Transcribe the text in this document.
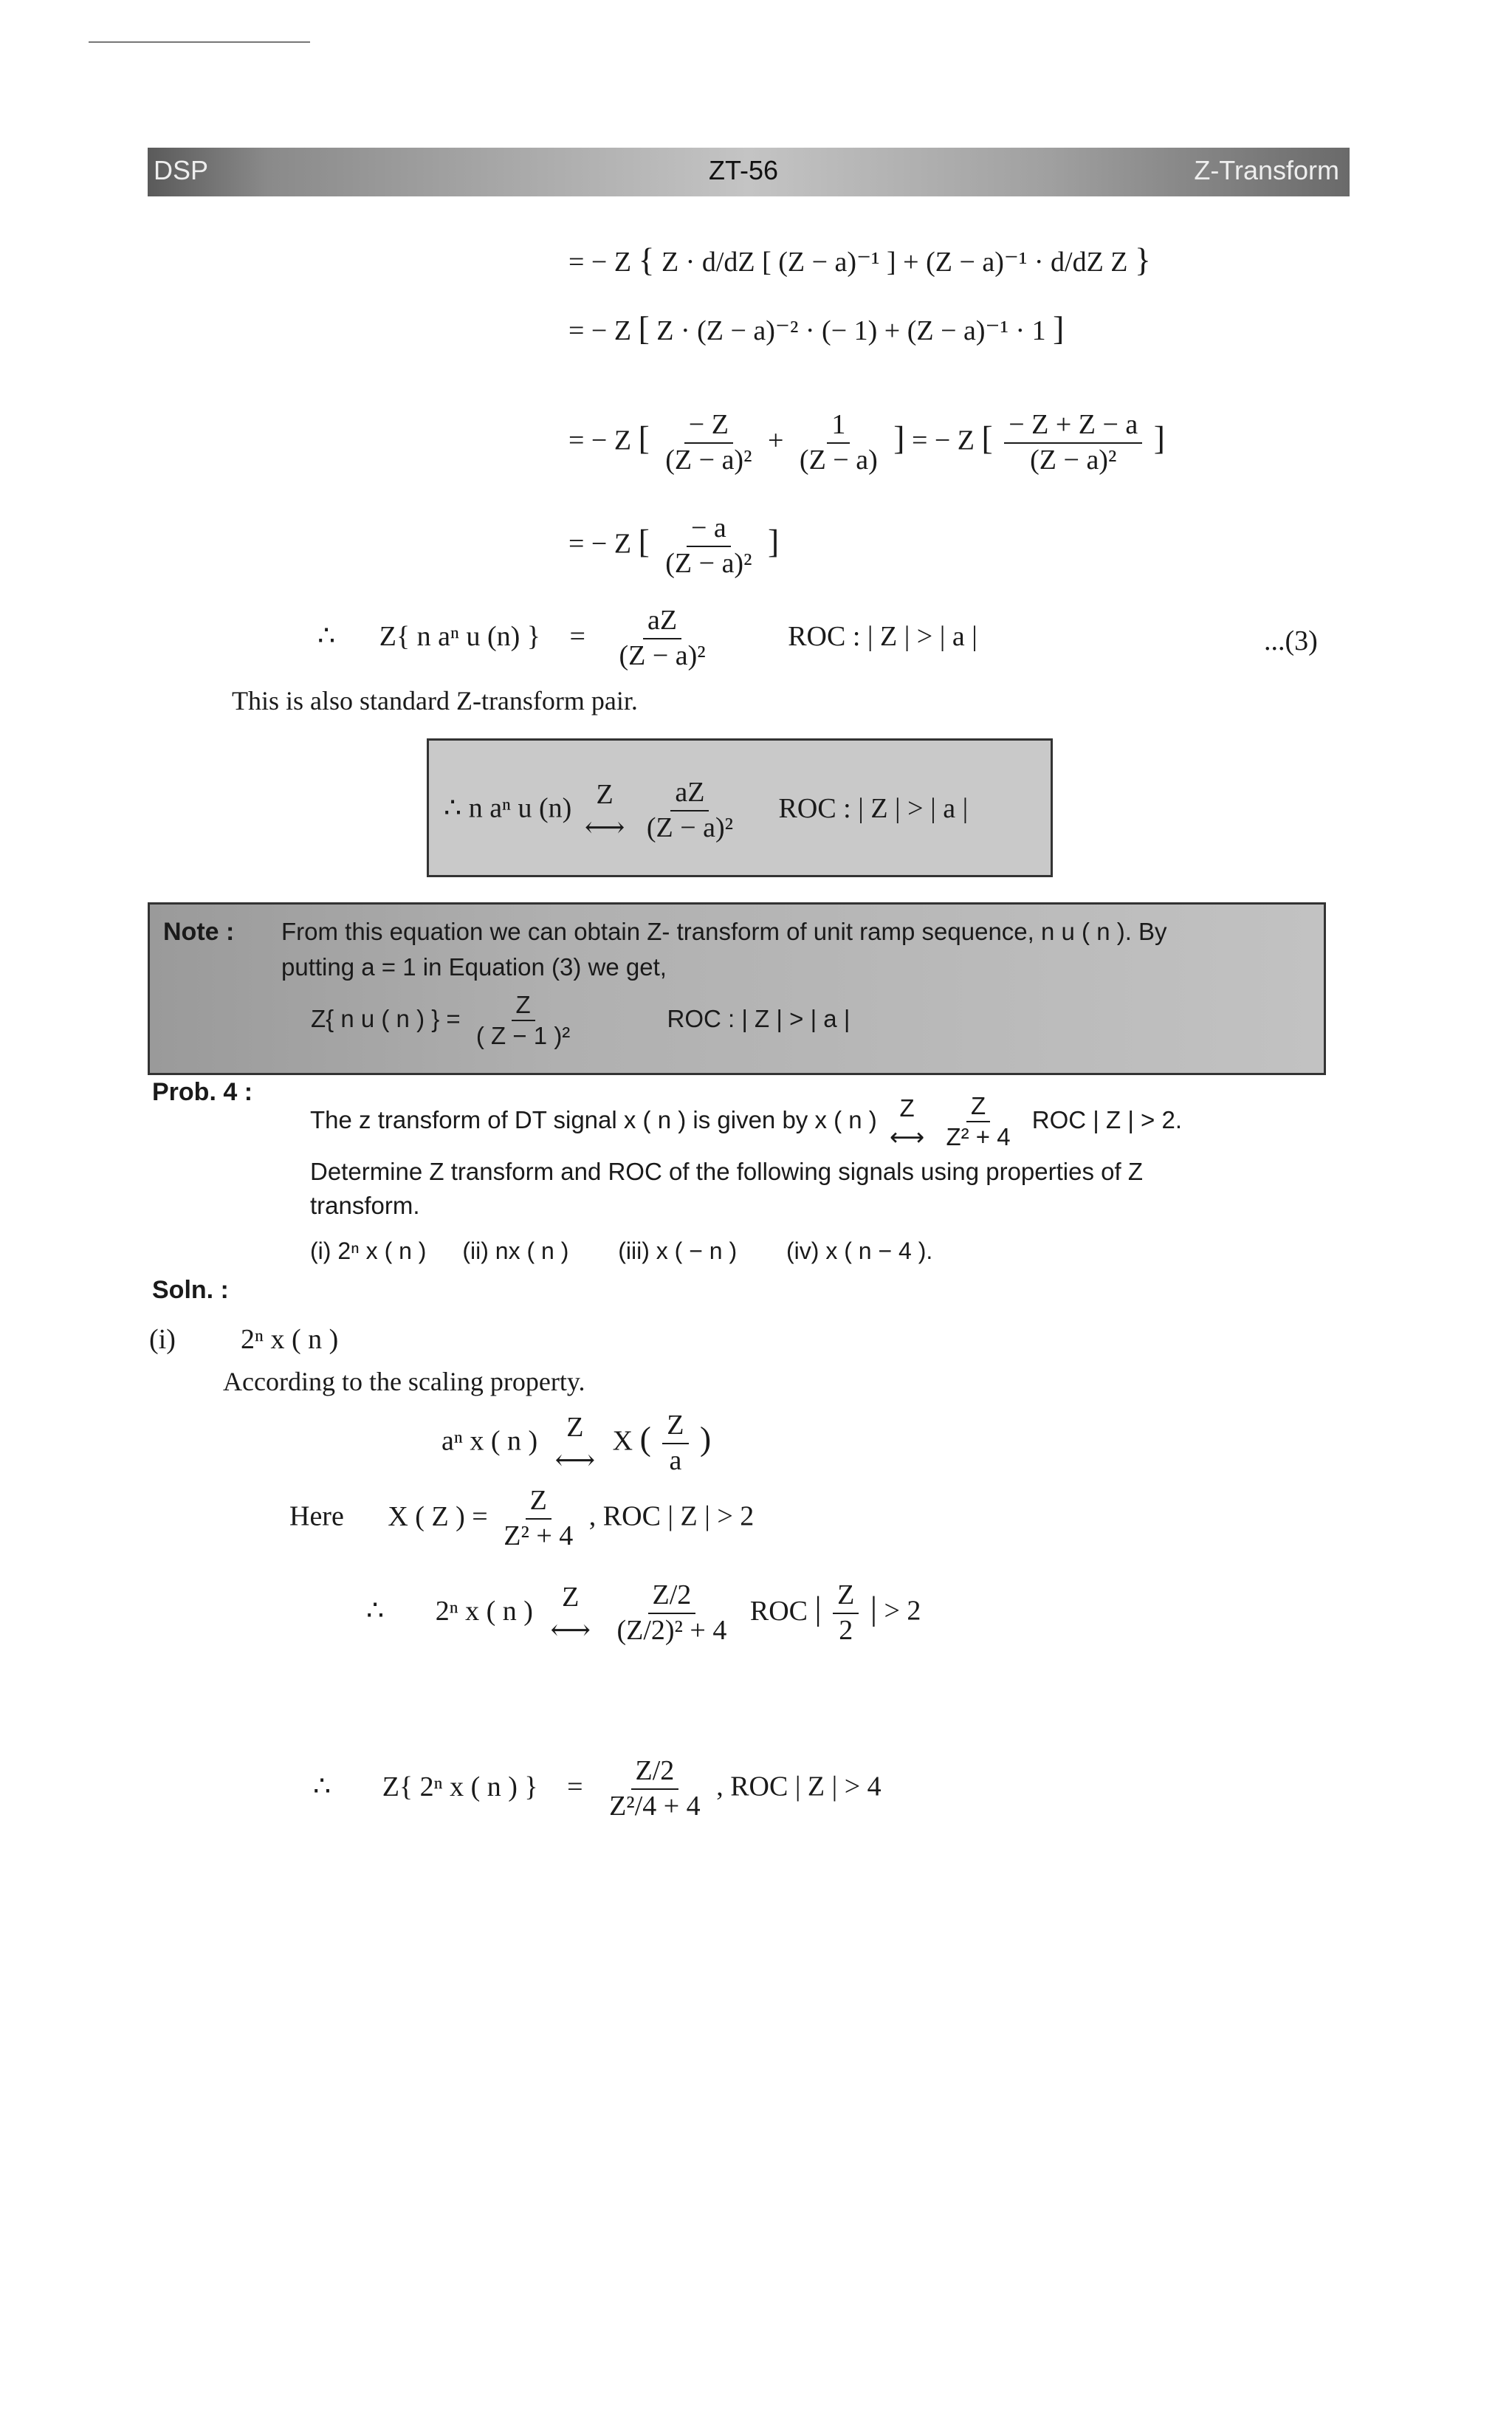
DSP	ZT-56	Z-Transform
= − Z { Z · d/dZ [ (Z − a)⁻¹ ] + (Z − a)⁻¹ · d/dZ Z }
= − Z [ Z · (Z − a)⁻² · (− 1) + (Z − a)⁻¹ · 1 ]
= − Z [ $\frac{- Z}{\text{(Z − a)²}} + \frac{1}{(Z - a)}$ ] = − Z [ $\frac{- Z + Z - a}{\text{(Z − a)²}}$ ]
= − Z [ $\frac{- a}{\text{(Z − a)²}}$ ]
∴ Z{ n aⁿ u (n) } = $\frac{aZ}{\text{(Z − a)²}}$	ROC : | Z | > | a |	...(3)
This is also standard Z-transform pair.
∴ n aⁿ u (n) Z
⟷
$\frac{aZ}{\text{(Z − a)²}}$ ROC : | Z | > | a |
Note : From this equation we can obtain Z- transform of unit ramp sequence, n u ( n ). By
putting a = 1 in Equation (3) we get,
Z{ n u ( n ) } = $\frac{Z}{\text{( Z − 1 )²}}$	ROC : | Z | > | a |
Prob. 4 :
The z transform of DT signal x ( n ) is given by x ( n ) Z
⟷
$\frac{Z}{\text{Z² + 4}}$ ROC | Z | > 2.
Determine Z transform and ROC of the following signals using properties of Z
transform.
(i) 2ⁿ x ( n ) (ii) nx ( n ) (iii) x ( − n ) (iv) x ( n − 4 ).
Soln. :
(i) 2ⁿ x ( n )
According to the scaling property.
aⁿ x ( n ) Z
⟷
X ( $\frac{Z}{a}$ )
Here X ( Z ) = $\frac{Z}{\text{Z² + 4}}$ , ROC | Z | > 2
∴ 2ⁿ x ( n ) Z
⟷
$\frac{Z/2}{\text{(Z/2)² + 4}}$ ROC | $\frac{Z}{2}$ | > 2
∴ Z{ 2ⁿ x ( n ) } = $\frac{Z/2}{\text{Z²/4 + 4}}$ , ROC | Z | > 4
